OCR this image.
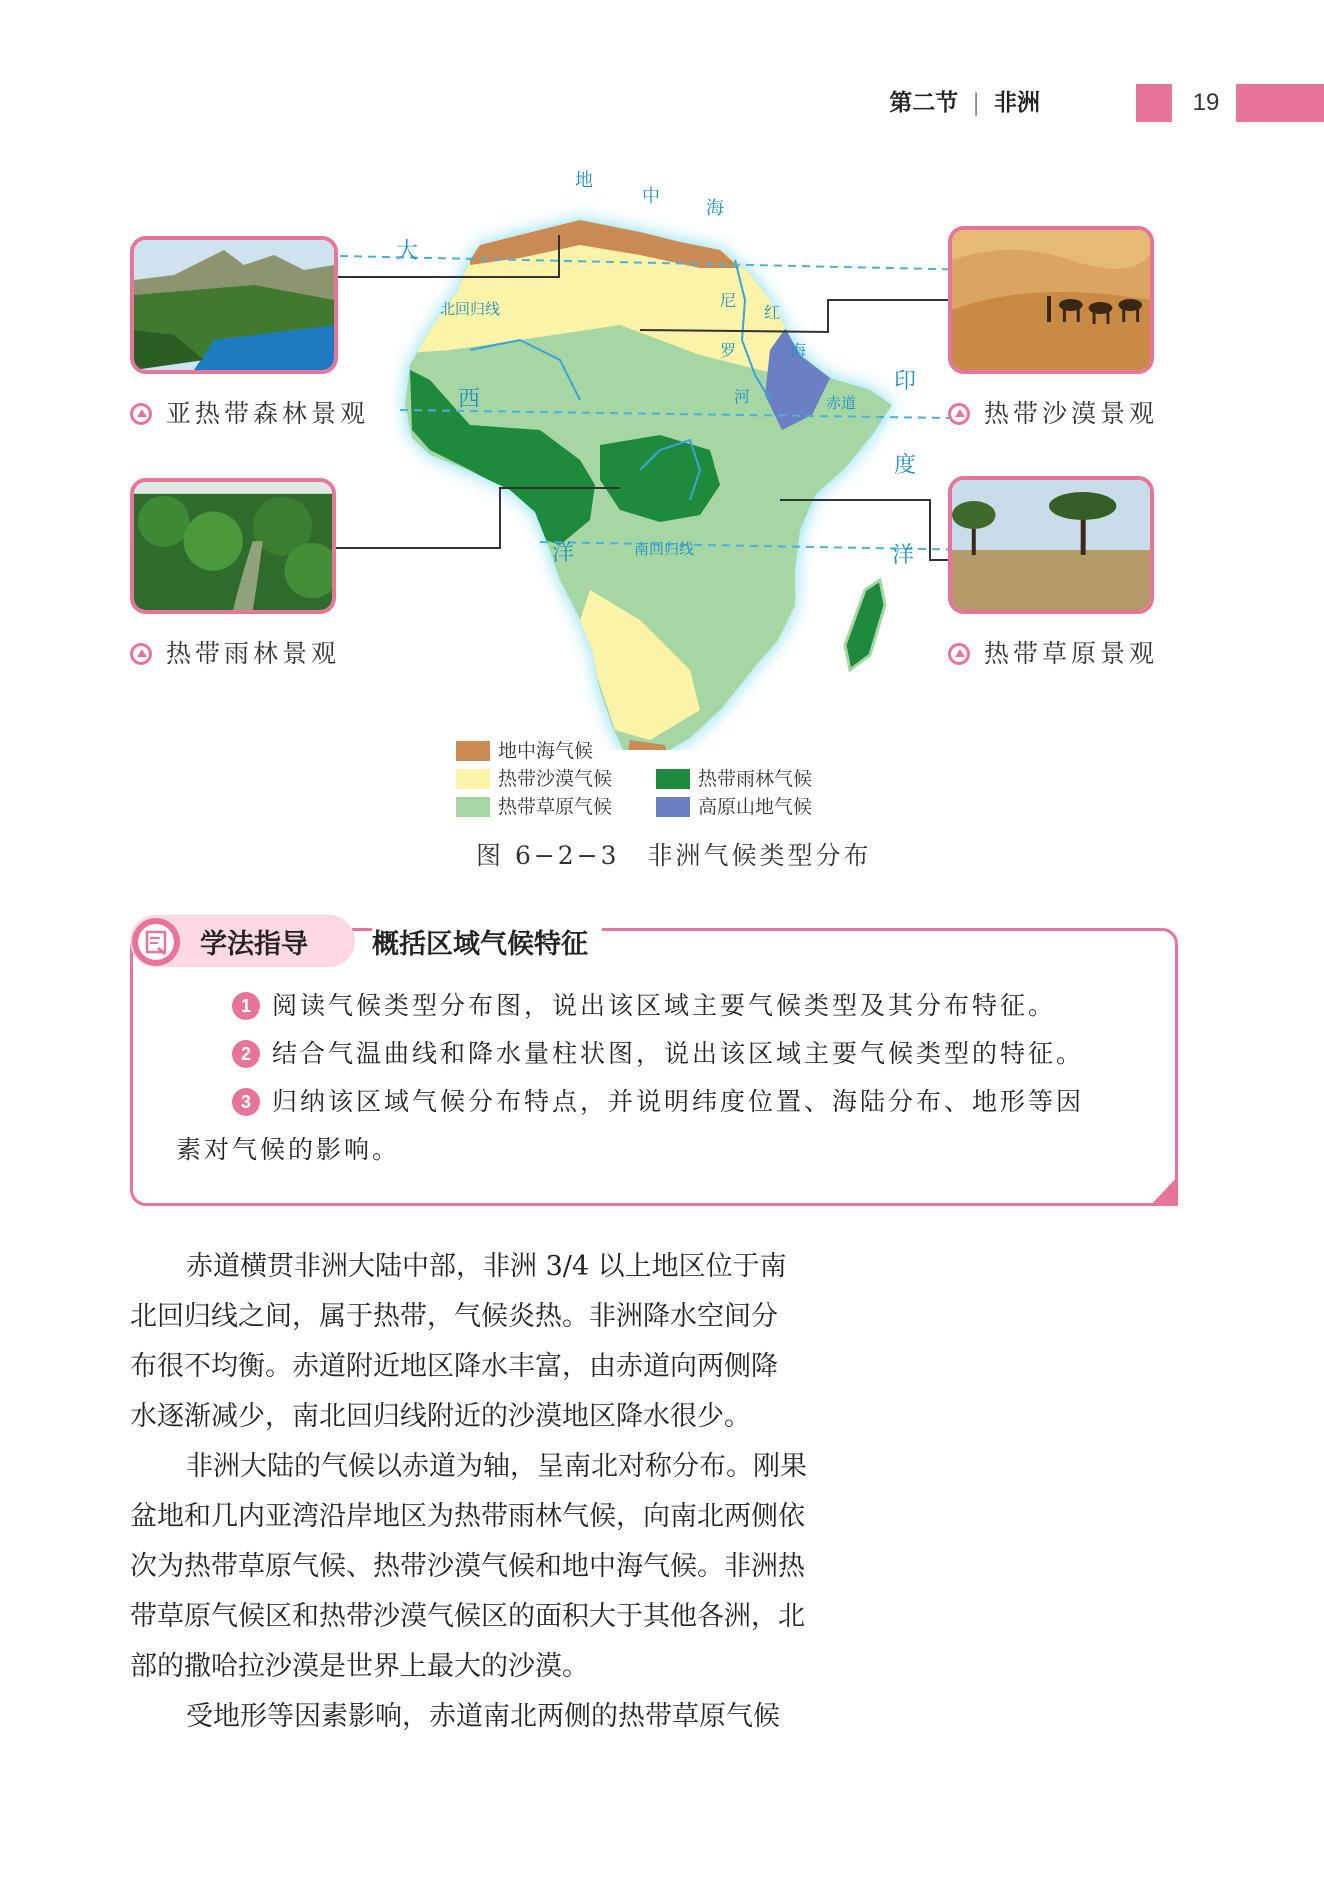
第二节 | 非洲	19
地
中
海
大
西
洋
印
度
洋
尼
罗
河
红
海
北回归线
赤道
南回归线
亚热带森林景观	热带沙漠景观
热带雨林景观	热带草原景观
地中海气候
热带沙漠气候	热带雨林气候
热带草原气候	高原山地气候
图 6−2−3　非洲气候类型分布
学法指导 概括区域气候特征
1 阅读气候类型分布图，说出该区域主要气候类型及其分布特征。
2 结合气温曲线和降水量柱状图，说出该区域主要气候类型的特征。
3 归纳该区域气候分布特点，并说明纬度位置、海陆分布、地形等因
素对气候的影响。
赤道横贯非洲大陆中部，非洲 3/4 以上地区位于南
北回归线之间，属于热带，气候炎热。非洲降水空间分
布很不均衡。赤道附近地区降水丰富，由赤道向两侧降
水逐渐减少，南北回归线附近的沙漠地区降水很少。
非洲大陆的气候以赤道为轴，呈南北对称分布。刚果
盆地和几内亚湾沿岸地区为热带雨林气候，向南北两侧依
次为热带草原气候、热带沙漠气候和地中海气候。非洲热
带草原气候区和热带沙漠气候区的面积大于其他各洲，北
部的撒哈拉沙漠是世界上最大的沙漠。
受地形等因素影响，赤道南北两侧的热带草原气候
